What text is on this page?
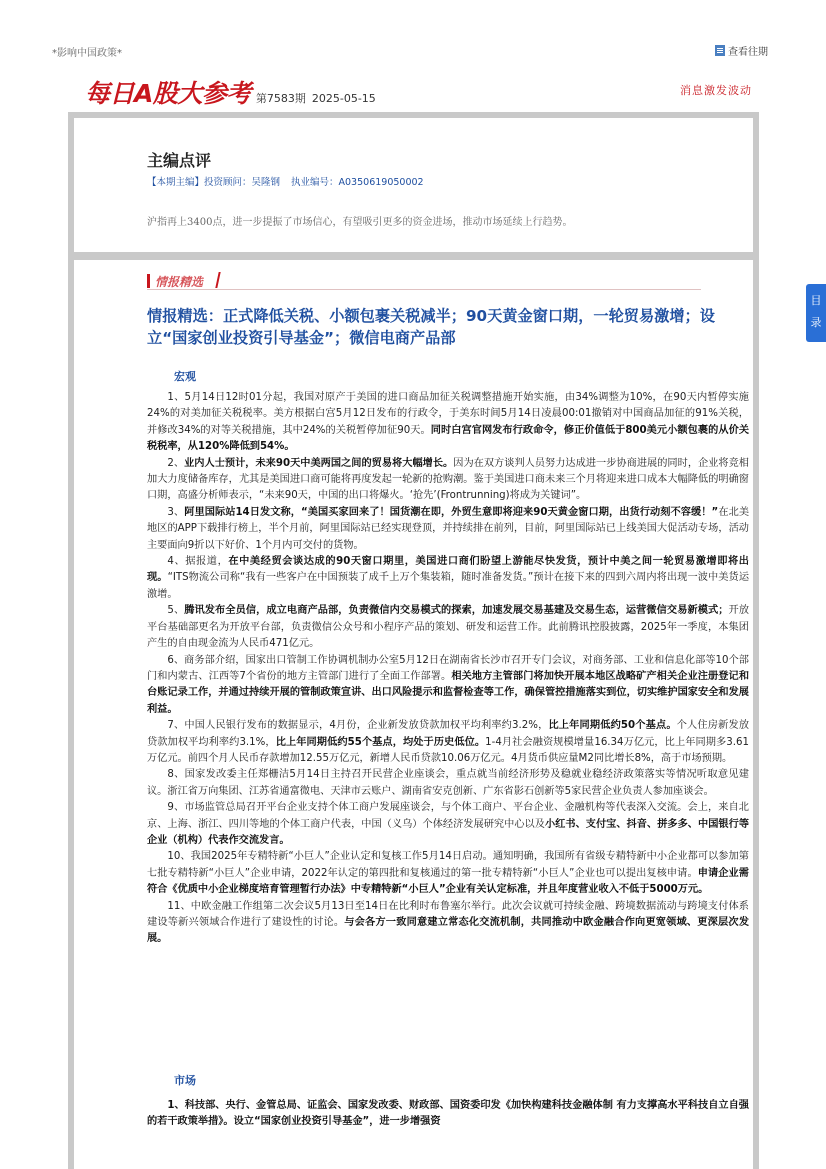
*影响中国政策*	查看往期
每日A股大参考 第7583期 2025-05-15
消息激发波动
主编点评
【本期主编】投资顾问：吴隆钢 执业编号：A0350619050002
沪指再上3400点，进一步提振了市场信心，有望吸引更多的资金进场，推动市场延续上行趋势。
情报精选
情报精选：正式降低关税、小额包裹关税减半；90天黄金窗口期，一轮贸易激增；设立“国家创业投资引导基金”；微信电商产品部
宏观

1、5月14日12时01分起，我国对原产于美国的进口商品加征关税调整措施开始实施，由34%调整为10%，在90天内暂停实施24%的对美加征关税税率。美方根据白宫5月12日发布的行政令，于美东时间5月14日凌晨00:01撤销对中国商品加征的91%关税，并修改34%的对等关税措施，其中24%的关税暂停加征90天。同时白宫官网发布行政命令，修正价值低于800美元小额包裹的从价关税税率，从120%降低到54%。

2、业内人士预计，未来90天中美两国之间的贸易将大幅增长。因为在双方谈判人员努力达成进一步协商进展的同时，企业将竞相加大力度储备库存，尤其是美国进口商可能将再度发起一轮新的抢购潮。鉴于美国进口商未来三个月将迎来进口成本大幅降低的明确窗口期，高盛分析师表示，“未来90天，中国的出口将爆火。‘抢先’(Frontrunning)将成为关键词”。

3、阿里国际站14日发文称，“美国买家回来了！国货潮在即，外贸生意即将迎来90天黄金窗口期，出货行动刻不容缓！”在北美地区的APP下载排行榜上，半个月前，阿里国际站已经实现登顶，并持续排在前列，目前，阿里国际站已上线美国大促活动专场，活动主要面向9折以下好价、1个月内可交付的货物。

4、据报道，在中美经贸会谈达成的90天窗口期里，美国进口商们盼望上游能尽快发货，预计中美之间一轮贸易激增即将出现。“ITS物流公司称“我有一些客户在中国预装了成千上万个集装箱，随时准备发货。”预计在接下来的四到六周内将出现一波中美货运激增。

5、腾讯发布全员信，成立电商产品部，负责微信内交易模式的探索，加速发展交易基建及交易生态，运营微信交易新模式；开放平台基础部更名为开放平台部，负责微信公众号和小程序产品的策划、研发和运营工作。此前腾讯控股披露，2025年一季度，本集团产生的自由现金流为人民币471亿元。

6、商务部介绍，国家出口管制工作协调机制办公室5月12日在湖南省长沙市召开专门会议，对商务部、工业和信息化部等10个部门和内蒙古、江西等7个省份的地方主管部门进行了全面工作部署。相关地方主管部门将加快开展本地区战略矿产相关企业注册登记和台账记录工作，并通过持续开展的管制政策宣讲、出口风险提示和监督检查等工作，确保管控措施落实到位，切实维护国家安全和发展利益。

7、中国人民银行发布的数据显示，4月份，企业新发放贷款加权平均利率约3.2%，比上年同期低约50个基点。个人住房新发放贷款加权平均利率约3.1%，比上年同期低约55个基点，均处于历史低位。1-4月社会融资规模增量16.34万亿元，比上年同期多3.61万亿元。前四个月人民币存款增加12.55万亿元，新增人民币贷款10.06万亿元。4月货币供应量M2同比增长8%，高于市场预期。

8、国家发改委主任郑栅洁5月14日主持召开民营企业座谈会，重点就当前经济形势及稳就业稳经济政策落实等情况听取意见建议。浙江省万向集团、江苏省通富微电、天津市云账户、湖南省安克创新、广东省影石创新等5家民营企业负责人参加座谈会。

9、市场监管总局召开平台企业支持个体工商户发展座谈会，与个体工商户、平台企业、金融机构等代表深入交流。会上，来自北京、上海、浙江、四川等地的个体工商户代表，中国（义乌）个体经济发展研究中心以及小红书、支付宝、抖音、拼多多、中国银行等企业（机构）代表作交流发言。

10、我国2025年专精特新“小巨人”企业认定和复核工作5月14日启动。通知明确，我国所有省级专精特新中小企业都可以参加第七批专精特新“小巨人”企业申请，2022年认定的第四批和复核通过的第一批专精特新“小巨人”企业也可以提出复核申请。申请企业需符合《优质中小企业梯度培育管理暂行办法》中专精特新“小巨人”企业有关认定标准，并且年度营业收入不低于5000万元。

11、中欧金融工作组第二次会议5月13日至14日在比利时布鲁塞尔举行。此次会议就可持续金融、跨境数据流动与跨境支付体系建设等新兴领域合作进行了建设性的讨论。与会各方一致同意建立常态化交流机制，共同推动中欧金融合作向更宽领域、更深层次发展。

市场

1、科技部、央行、金管总局、证监会、国家发改委、财政部、国资委印发《加快构建科技金融体制 有力支撑高水平科技自立自强的若干政策举措》。设立“国家创业投资引导基金”，进一步增强资

目录
